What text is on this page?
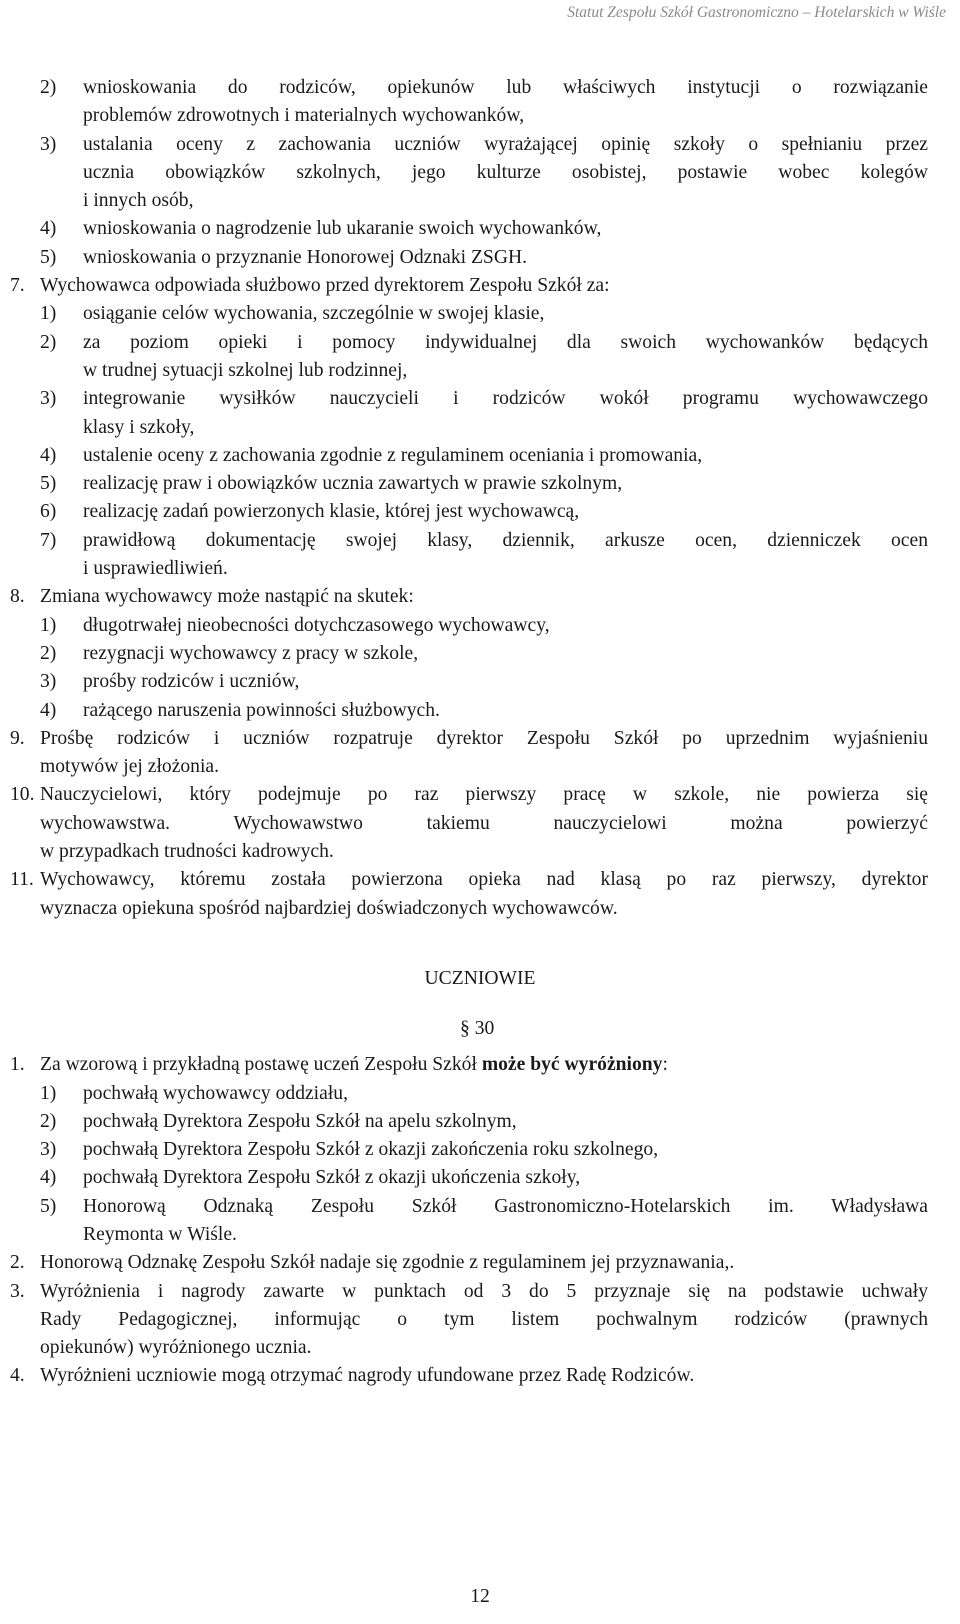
Statut Zespołu Szkół Gastronomiczno – Hotelarskich w Wiśle
2) wnioskowania do rodziców, opiekunów lub właściwych instytucji o rozwiązanie
problemów zdrowotnych i materialnych wychowanków,
3) ustalania oceny z zachowania uczniów wyrażającej opinię szkoły o spełnianiu przez
ucznia obowiązków szkolnych, jego kulturze osobistej, postawie wobec kolegów
i innych osób,
4) wnioskowania o nagrodzenie lub ukaranie swoich wychowanków,
5) wnioskowania o przyznanie Honorowej Odznaki ZSGH.
7. Wychowawca odpowiada służbowo przed dyrektorem Zespołu Szkół za:
1) osiąganie celów wychowania, szczególnie w swojej klasie,
2) za poziom opieki i pomocy indywidualnej dla swoich wychowanków będących
w trudnej sytuacji szkolnej lub rodzinnej,
3) integrowanie wysiłków nauczycieli i rodziców wokół programu wychowawczego
klasy i szkoły,
4) ustalenie oceny z zachowania zgodnie z regulaminem oceniania i promowania,
5) realizację praw i obowiązków ucznia zawartych w prawie szkolnym,
6) realizację zadań powierzonych klasie, której jest wychowawcą,
7) prawidłową dokumentację swojej klasy, dziennik, arkusze ocen, dzienniczek ocen
i usprawiedliwień.
8. Zmiana wychowawcy może nastąpić na skutek:
1) długotrwałej nieobecności dotychczasowego wychowawcy,
2) rezygnacji wychowawcy z pracy w szkole,
3) prośby rodziców i uczniów,
4) rażącego naruszenia powinności służbowych.
9. Prośbę rodziców i uczniów rozpatruje dyrektor Zespołu Szkół po uprzednim wyjaśnieniu
motywów jej złożonia.
10. Nauczycielowi, który podejmuje po raz pierwszy pracę w szkole, nie powierza się
wychowawstwa. Wychowawstwo takiemu nauczycielowi można powierzyć
w przypadkach trudności kadrowych.
11. Wychowawcy, któremu została powierzona opieka nad klasą po raz pierwszy, dyrektor
wyznacza opiekuna spośród najbardziej doświadczonych wychowawców.
UCZNIOWIE
§ 30
1. Za wzorową i przykładną postawę uczeń Zespołu Szkół może być wyróżniony:
1) pochwałą wychowawcy oddziału,
2) pochwałą Dyrektora Zespołu Szkół na apelu szkolnym,
3) pochwałą Dyrektora Zespołu Szkół z okazji zakończenia roku szkolnego,
4) pochwałą Dyrektora Zespołu Szkół z okazji ukończenia szkoły,
5) Honorową Odznaką Zespołu Szkół Gastronomiczno-Hotelarskich im. Władysława
Reymonta w Wiśle.
2. Honorową Odznakę Zespołu Szkół nadaje się zgodnie z regulaminem jej przyznawania,.
3. Wyróżnienia i nagrody zawarte w punktach od 3 do 5 przyznaje się na podstawie uchwały
Rady Pedagogicznej, informując o tym listem pochwalnym rodziców (prawnych
opiekunów) wyróżnionego ucznia.
4. Wyróżnieni uczniowie mogą otrzymać nagrody ufundowane przez Radę Rodziców.
12
